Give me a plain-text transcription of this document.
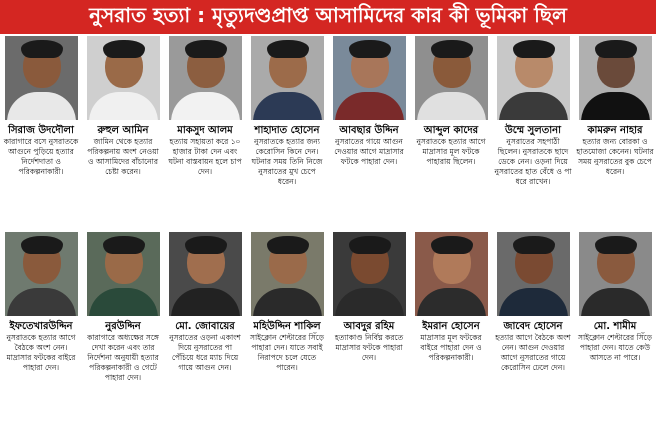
নুসরাত হত্যা : মৃত্যুদণ্ডপ্রাপ্ত আসামিদের কার কী ভূমিকা ছিল
সিরাজ উদদৌলা
কারাগারে বসে নুসরাতকে আগুনে পুড়িয়ে হত্যার নির্দেশদাতা ও পরিকল্পনাকারী।
রুহুল আমিন
জামিন থেকে হত্যার পরিকল্পনায় অংশ নেওয়া ও আসামিদের বাঁচানোর চেষ্টা করেন।
মাকসুদ আলম
হত্যায় সহায়তা করে ১০ হাজার টাকা দেন এবং ঘটনা বাস্তবায়ন হলে চাপ দেন।
শাহাদাত হোসেন
নুসরাতকে হত্যার জন্য কেরোসিন কিনে দেন। ঘটনার সময় তিনি নিজে নুসরাতের মুখ চেপে ধরেন।
আবছার উদ্দিন
নুসরাতের গায়ে আগুন দেওয়ার আগে মাদ্রাসার ফটকে পাহারা দেন।
আব্দুল কাদের
নুসরাতকে হত্যার আগে মাদ্রাসার মূল ফটকে পাহারায় ছিলেন।
উম্মে সুলতানা
নুসরাতের সহপাঠী ছিলেন। নুসরাতকে ছাদে ডেকে নেন। ওড়না দিয়ে নুসরাতের হাত বেঁধে ও পা ধরে রাখেন।
কামরুন নাহার
হত্যার জন্য বোরকা ও হাতমোজা কেনেন। ঘটনার সময় নুসরাতের বুক চেপে ধরেন।
ইফতেখারউদ্দিন
নুসরাতকে হত্যার আগে বৈঠকে অংশ নেন। মাদ্রাসার ফটকের বাইরে পাহারা দেন।
নুরউদ্দিন
কারাগারে অধ্যক্ষের সঙ্গে দেখা করেন এবং তার নির্দেশনা অনুযায়ী হত্যার পরিকল্পনাকারী ও গেটে পাহারা দেন।
মো. জোবায়ের
নুসরাতের ওড়না একাংশ দিয়ে নুসরাতের পা পেঁচিয়ে ধরে ম্যাচ দিয়ে গায়ে আগুন দেন।
মহিউদ্দিন শাকিল
সাইক্লোন শেল্টারের সিঁড়ে পাহারা দেন। যাতে সবাই নিরাপদে চলে যেতে পারেন।
আবদুর রহিম
হত্যাকাণ্ড নির্বিঘ্ন করতে মাদ্রাসার ফটকে পাহারা দেন।
ইমরান হোসেন
মাদ্রাসার মূল ফটকের বাইরে পাহারা দেন ও পরিকল্পনাকারী।
জাবেদ হোসেন
হত্যার আগে বৈঠকে অংশ নেন। আগুন দেওয়ার আগে নুসরাতের গায়ে কেরোসিন ঢেলে দেন।
মো. শামীম
সাইক্লোন শেল্টারের সিঁড়ে পাহারা দেন। যাতে কেউ আসতে না পারে।
